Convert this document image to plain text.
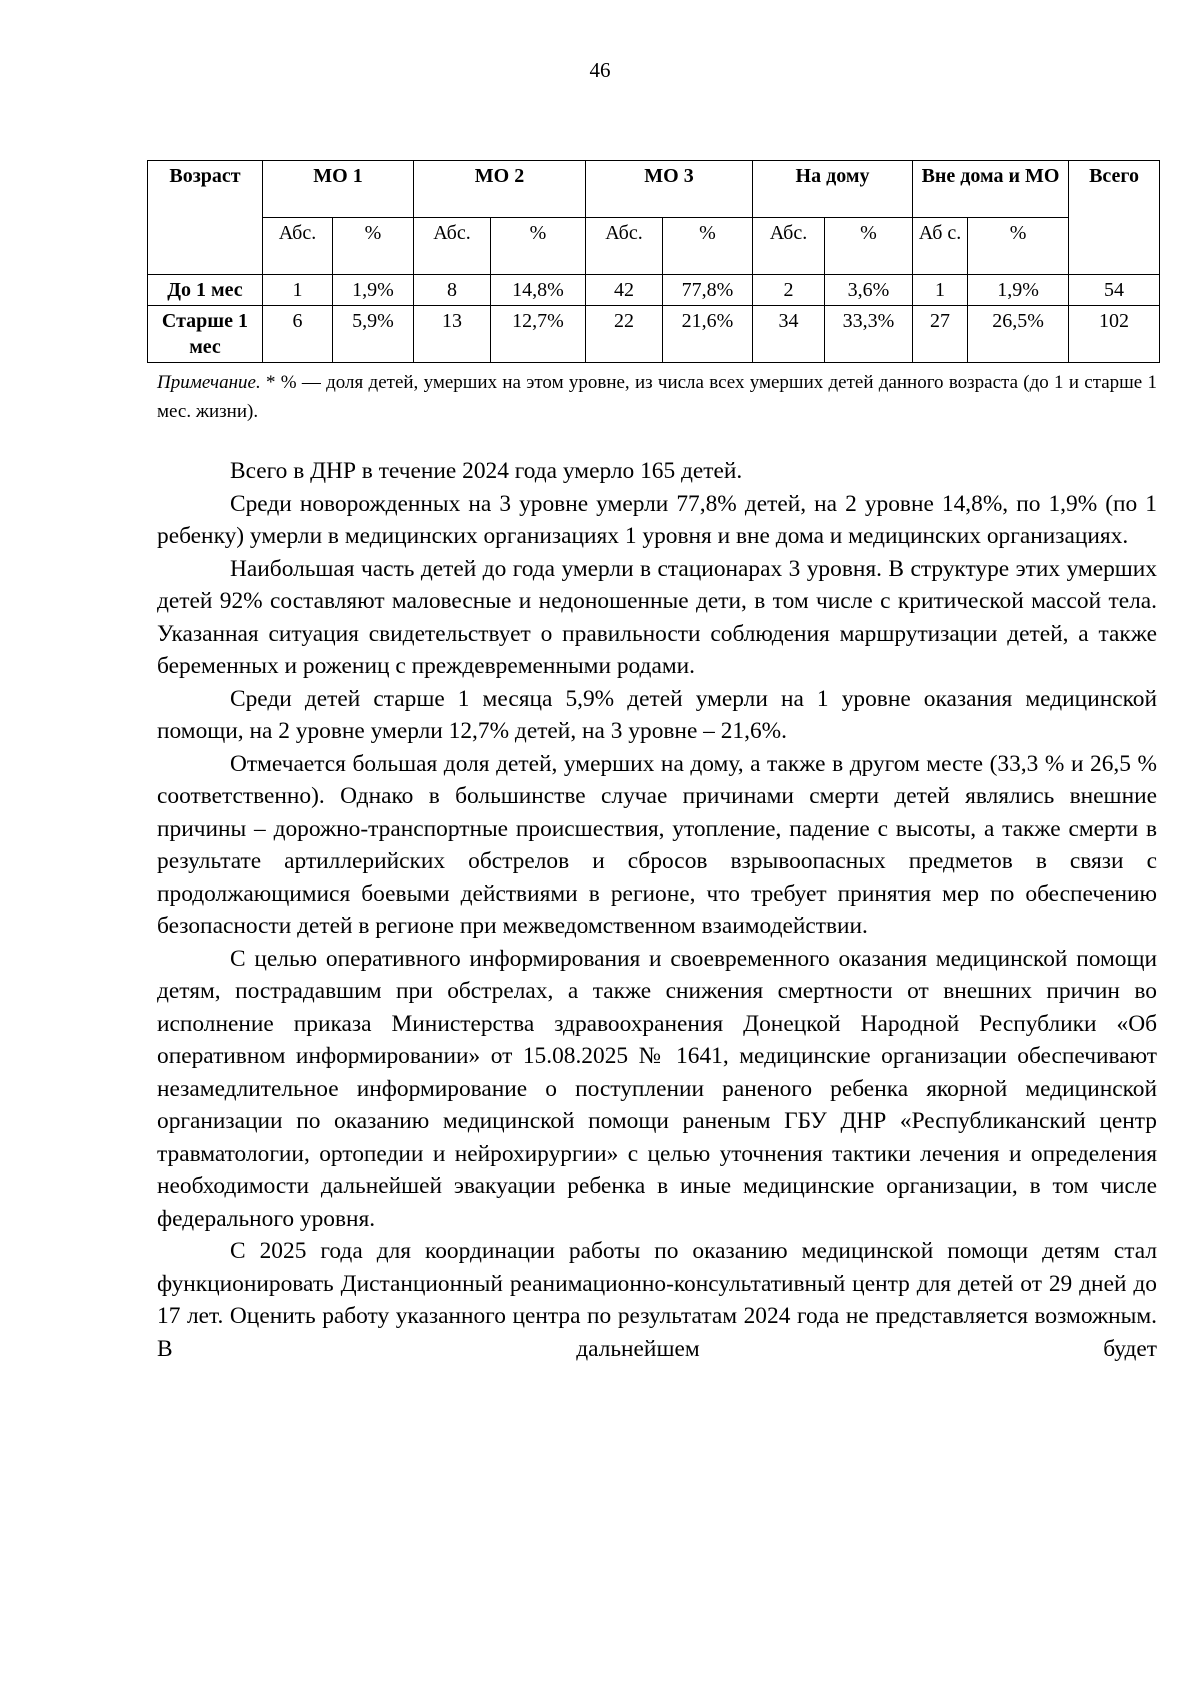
46
Возраст	МО 1		МО 2		МО 3		На дому		Вне дома и МО		Всего
	Абс.	%	Абс.	%	Абс.	%	Абс.	%	Аб с.	%	
До 1 мес	1	1,9%	8	14,8%	42	77,8%	2	3,6%	1	1,9%	54
Старше 1 мес	6	5,9%	13	12,7%	22	21,6%	34	33,3%	27	26,5%	102
Примечание. * % — доля детей, умерших на этом уровне, из числа всех умерших детей данного возраста (до 1 и старше 1 мес. жизни).

Всего в ДНР в течение 2024 года умерло 165 детей.

Среди новорожденных на 3 уровне умерли 77,8% детей, на 2 уровне 14,8%, по 1,9% (по 1 ребенку) умерли в медицинских организациях 1 уровня и вне дома и медицинских организациях.

Наибольшая часть детей до года умерли в стационарах 3 уровня. В структуре этих умерших детей 92% составляют маловесные и недоношенные дети, в том числе с критической массой тела. Указанная ситуация свидетельствует о правильности соблюдения маршрутизации детей, а также беременных и рожениц с преждевременными родами.

Среди детей старше 1 месяца 5,9% детей умерли на 1 уровне оказания медицинской помощи, на 2 уровне умерли 12,7% детей, на 3 уровне – 21,6%.

Отмечается большая доля детей, умерших на дому, а также в другом месте (33,3 % и 26,5 % соответственно). Однако в большинстве случае причинами смерти детей являлись внешние причины – дорожно-транспортные происшествия, утопление, падение с высоты, а также смерти в результате артиллерийских обстрелов и сбросов взрывоопасных предметов в связи с продолжающимися боевыми действиями в регионе, что требует принятия мер по обеспечению безопасности детей в регионе при межведомственном взаимодействии.

С целью оперативного информирования и своевременного оказания медицинской помощи детям, пострадавшим при обстрелах, а также снижения смертности от внешних причин во исполнение приказа Министерства здравоохранения Донецкой Народной Республики «Об оперативном информировании» от 15.08.2025 № 1641, медицинские организации обеспечивают незамедлительное информирование о поступлении раненого ребенка якорной медицинской организации по оказанию медицинской помощи раненым ГБУ ДНР «Республиканский центр травматологии, ортопедии и нейрохирургии» с целью уточнения тактики лечения и определения необходимости дальнейшей эвакуации ребенка в иные медицинские организации, в том числе федерального уровня.

С 2025 года для координации работы по оказанию медицинской помощи детям стал функционировать Дистанционный реанимационно-консультативный центр для детей от 29 дней до 17 лет. Оценить работу указанного центра по результатам 2024 года не представляется возможным. В дальнейшем будет
